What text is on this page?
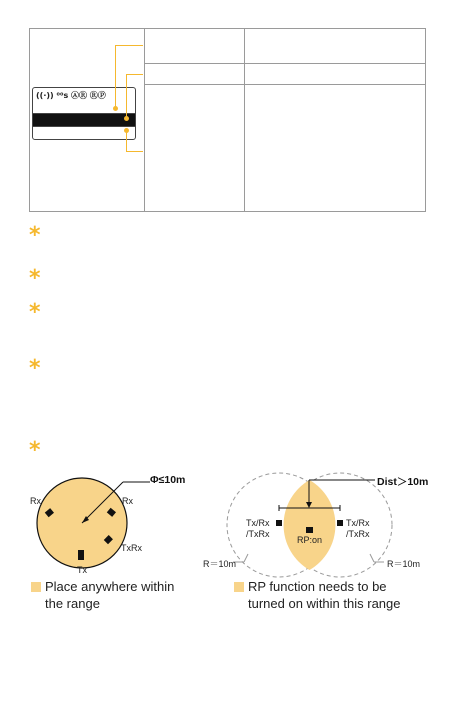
((·)) ⁰⁰s ⒶⓇ ⓇⓅ
*
*
*
*
*
Φ≤10m
Rx	Rx
TxRx
Tx
Dist＞10m
Tx/Rx
/TxRx
Tx/Rx
/TxRx
RP:on
R＝10m	R＝10m
Place anywhere within the range
RP function needs to be turned on within this range
